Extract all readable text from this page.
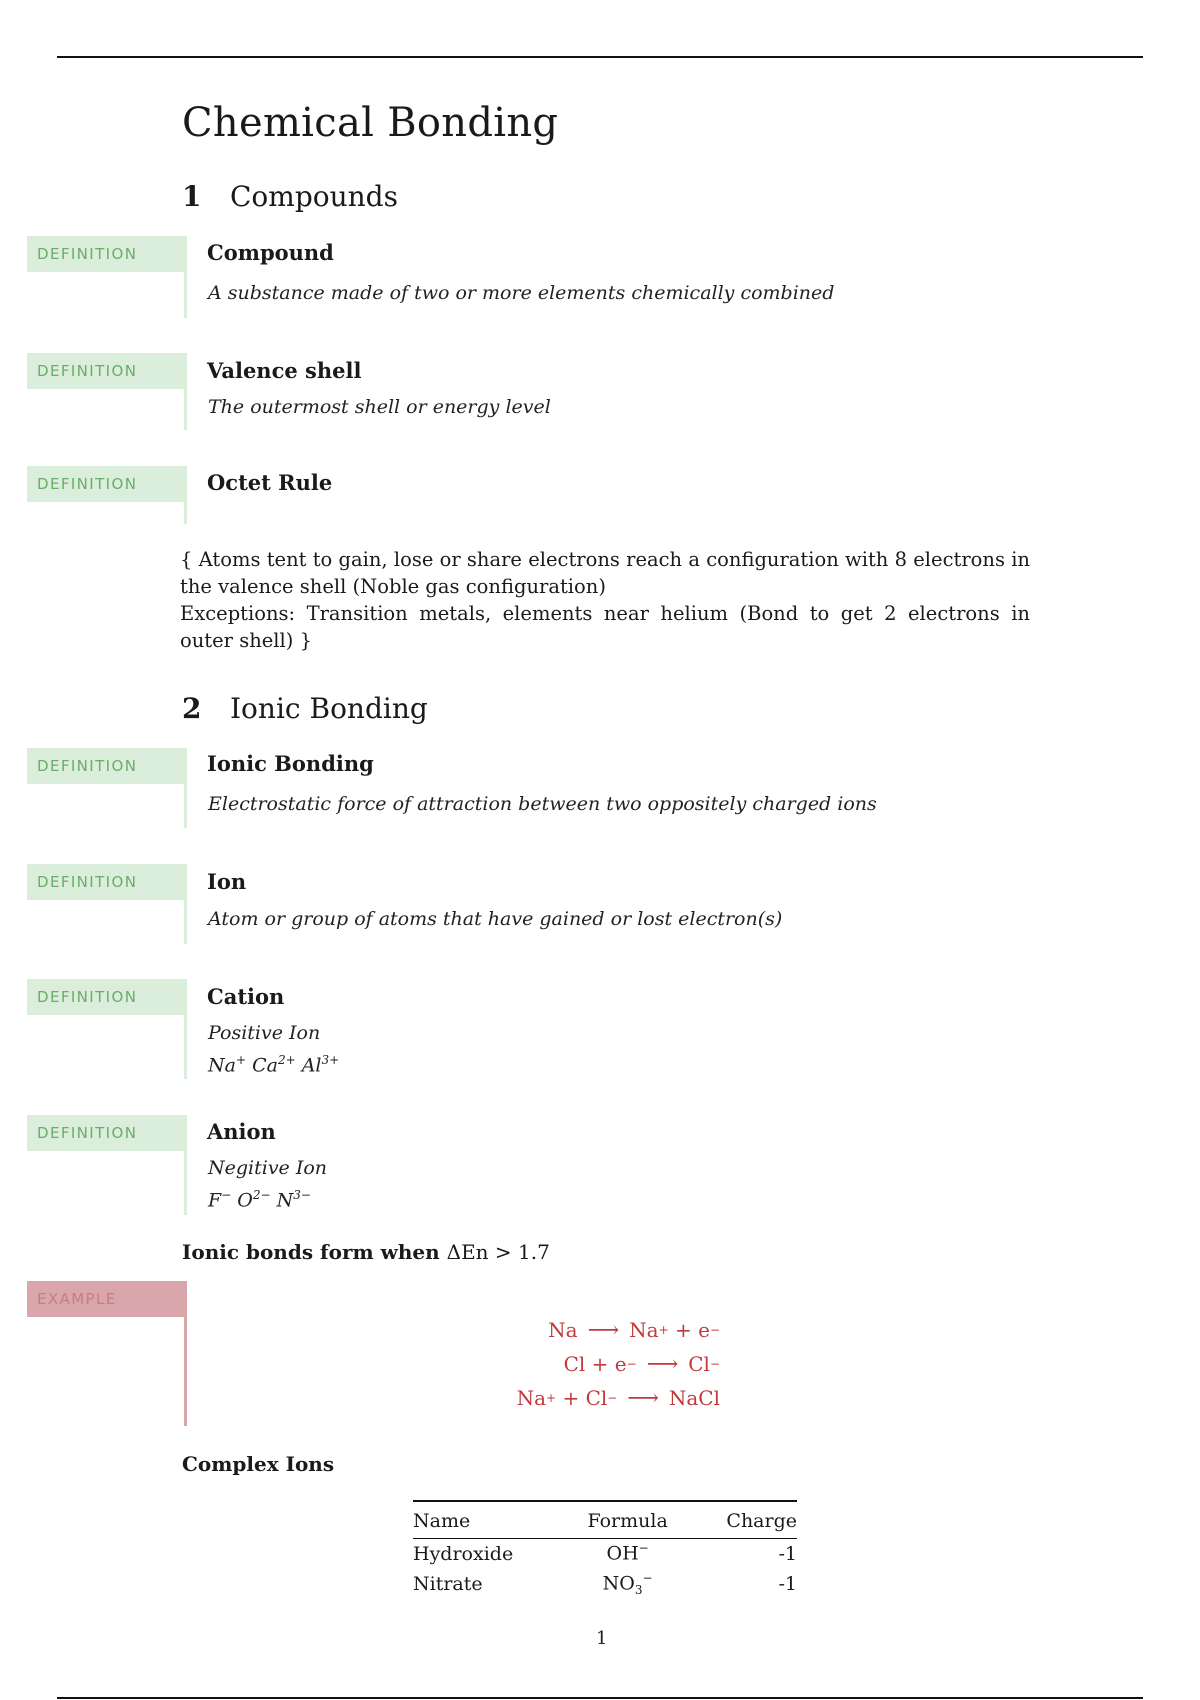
Chemical Bonding
1 Compounds
DEFINITION	Compound
A substance made of two or more elements chemically combined
DEFINITION	Valence shell
The outermost shell or energy level
DEFINITION	Octet Rule

{ Atoms tent to gain, lose or share electrons reach a configuration with 8 electrons in the valence shell (Noble gas configuration)

Exceptions: Transition metals, elements near helium (Bond to get 2 electrons in outer shell) }

2 Ionic Bonding
DEFINITION	Ionic Bonding
Electrostatic force of attraction between two oppositely charged ions
DEFINITION	Ion
Atom or group of atoms that have gained or lost electron(s)
DEFINITION	Cation
Positive Ion
Na+ $Ca^{2+}$ $Al^{3+}$
DEFINITION	Anion
Negitive Ion
F− $O^{2-}$ $N^{3-}$
Ionic bonds form when ΔEn > 1.7
EXAMPLE
Na ⟶ Na + + e −
Cl + e − ⟶ Cl −
Na + + Cl − ⟶ NaCl
Complex Ions
Name	Formula	Charge
Hydroxide	OH−	-1
Nitrate	$NO_3^-$	-1
1
